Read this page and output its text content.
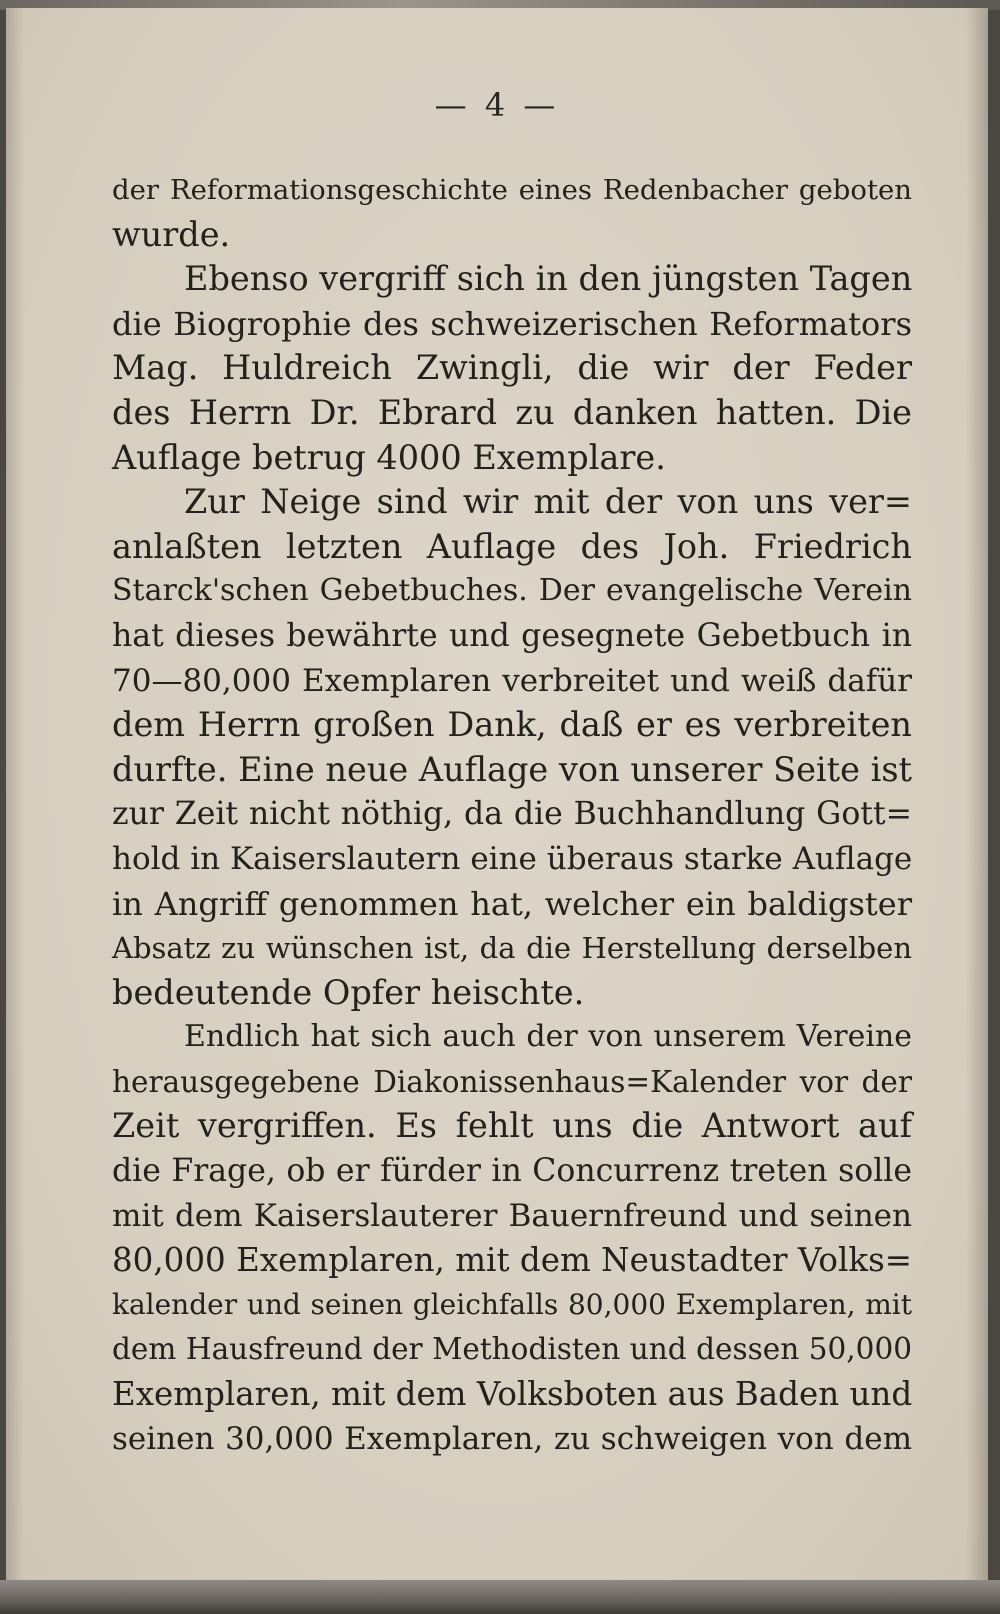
— 4 —
der Reformationsgeschichte eines Redenbacher geboten
wurde.
Ebenso vergriff sich in den jüngsten Tagen
die Biogrophie des schweizerischen Reformators
Mag. Huldreich Zwingli, die wir der Feder
des Herrn Dr. Ebrard zu danken hatten. Die
Auflage betrug 4000 Exemplare.
Zur Neige sind wir mit der von uns ver=
anlaßten letzten Auflage des Joh. Friedrich
Starck'schen Gebetbuches. Der evangelische Verein
hat dieses bewährte und gesegnete Gebetbuch in
70—80,000 Exemplaren verbreitet und weiß dafür
dem Herrn großen Dank, daß er es verbreiten
durfte. Eine neue Auflage von unserer Seite ist
zur Zeit nicht nöthig, da die Buchhandlung Gott=
hold in Kaiserslautern eine überaus starke Auflage
in Angriff genommen hat, welcher ein baldigster
Absatz zu wünschen ist, da die Herstellung derselben
bedeutende Opfer heischte.
Endlich hat sich auch der von unserem Vereine
herausgegebene Diakonissenhaus=Kalender vor der
Zeit vergriffen. Es fehlt uns die Antwort auf
die Frage, ob er fürder in Concurrenz treten solle
mit dem Kaiserslauterer Bauernfreund und seinen
80,000 Exemplaren, mit dem Neustadter Volks=
kalender und seinen gleichfalls 80,000 Exemplaren, mit
dem Hausfreund der Methodisten und dessen 50,000
Exemplaren, mit dem Volksboten aus Baden und
seinen 30,000 Exemplaren, zu schweigen von dem
